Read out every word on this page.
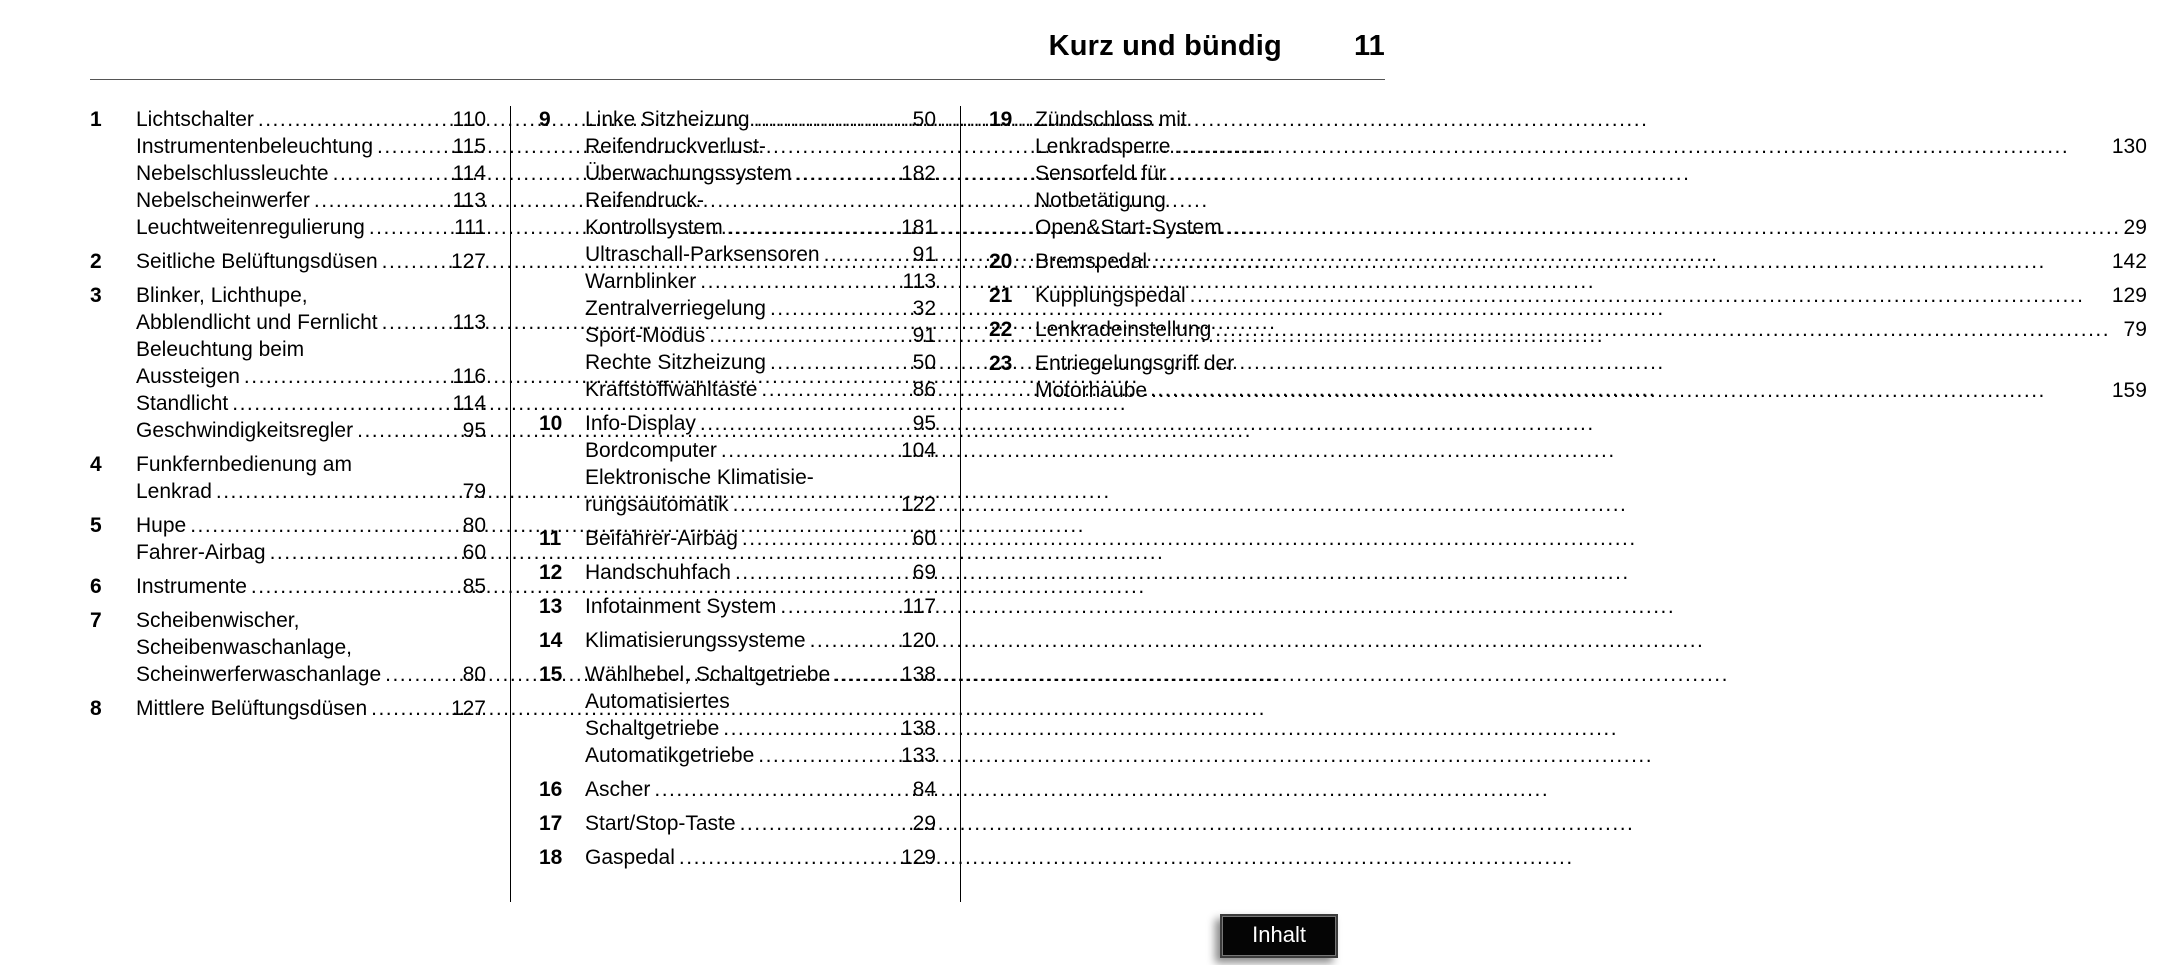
Kurz und bündig 11
1	Lichtschalter .....	110
Instrumentenbeleuchtung .....	115
Nebelschlussleuchte .....	114
Nebelscheinwerfer .....	113
Leuchtweitenregulierung .....	111
2	Seitliche Belüftungsdüsen .....	127
3	Blinker, Lichthupe,
Abblendlicht und Fernlicht .....	113
Beleuchtung beim
Aussteigen .....	116
Standlicht .....	114
Geschwindigkeitsregler .....	95
4	Funkfernbedienung am
Lenkrad .....	79
5	Hupe .....	80
Fahrer-Airbag .....	60
6	Instrumente .....	85
7	Scheibenwischer,
Scheibenwaschanlage,
Scheinwerferwaschanlage .....	80
8	Mittlere Belüftungsdüsen .....	127
9	Linke Sitzheizung .....	50
Reifendruckverlust-
Überwachungssystem .....	182
Reifendruck-
Kontrollsystem .....	181
Ultraschall-Parksensoren .....	91
Warnblinker .....	113
Zentralverriegelung .....	32
Sport-Modus .....	91
Rechte Sitzheizung .....	50
Kraftstoffwahltaste .....	86
10	Info-Display .....	95
Bordcomputer .....	104
Elektronische Klimatisie-
rungsautomatik .....	122
11	Beifahrer-Airbag .....	60
12	Handschuhfach .....	69
13	Infotainment System .....	117
14	Klimatisierungssysteme .....	120
15	Wählhebel, Schaltgetriebe .....	138
Automatisiertes
Schaltgetriebe .....	138
Automatikgetriebe .....	133
16	Ascher .....	84
17	Start/Stop-Taste .....	29
18	Gaspedal .....	129
19	Zündschloss mit
Lenkradsperre .....	130
Sensorfeld für
Notbetätigung
Open&Start-System .....	29
20	Bremspedal .....	142
21	Kupplungspedal .....	129
22	Lenkradeinstellung .....	79
23	Entriegelungsgriff der
Motorhaube .....	159
Inhalt
